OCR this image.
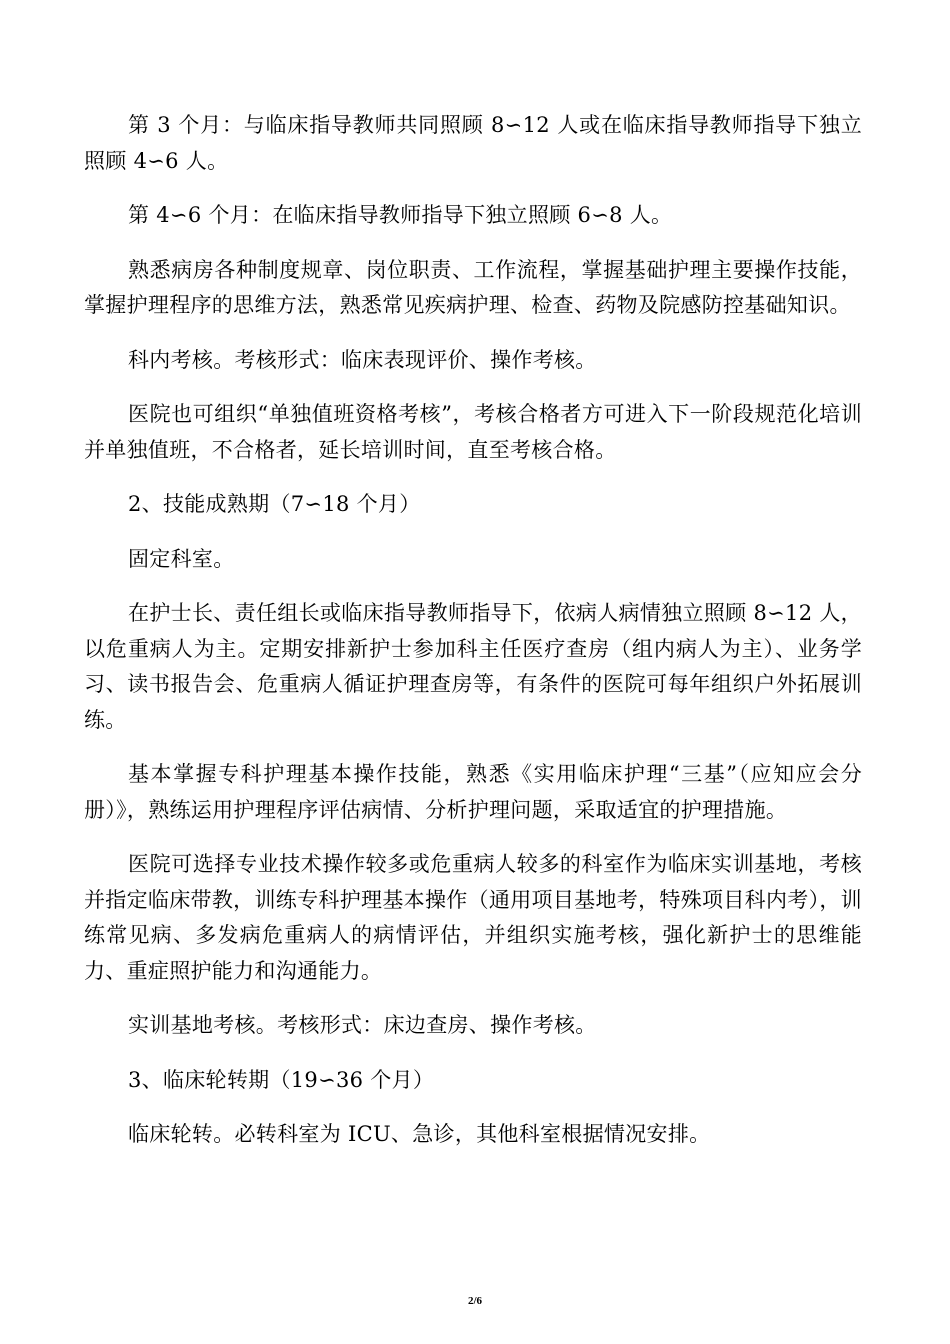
第 3 个月：与临床指导教师共同照顾 8∽12 人或在临床指导教师指导下独立照顾 4∽6 人。

第 4∽6 个月：在临床指导教师指导下独立照顾 6∽8 人。

熟悉病房各种制度规章、岗位职责、工作流程，掌握基础护理主要操作技能，掌握护理程序的思维方法，熟悉常见疾病护理、检查、药物及院感防控基础知识。

科内考核。考核形式：临床表现评价、操作考核。

医院也可组织“单独值班资格考核”，考核合格者方可进入下一阶段规范化培训并单独值班，不合格者，延长培训时间，直至考核合格。

2、技能成熟期（7∽18 个月）

固定科室。

在护士长、责任组长或临床指导教师指导下，依病人病情独立照顾 8∽12 人，以危重病人为主。定期安排新护士参加科主任医疗查房（组内病人为主）、业务学习、读书报告会、危重病人循证护理查房等，有条件的医院可每年组织户外拓展训练。

基本掌握专科护理基本操作技能，熟悉《实用临床护理“三基”（应知应会分册）》，熟练运用护理程序评估病情、分析护理问题，采取适宜的护理措施。

医院可选择专业技术操作较多或危重病人较多的科室作为临床实训基地，考核并指定临床带教，训练专科护理基本操作（通用项目基地考，特殊项目科内考），训练常见病、多发病危重病人的病情评估，并组织实施考核，强化新护士的思维能力、重症照护能力和沟通能力。

实训基地考核。考核形式：床边查房、操作考核。

3、临床轮转期（19∽36 个月）

临床轮转。必转科室为 ICU、急诊，其他科室根据情况安排。

2/6
